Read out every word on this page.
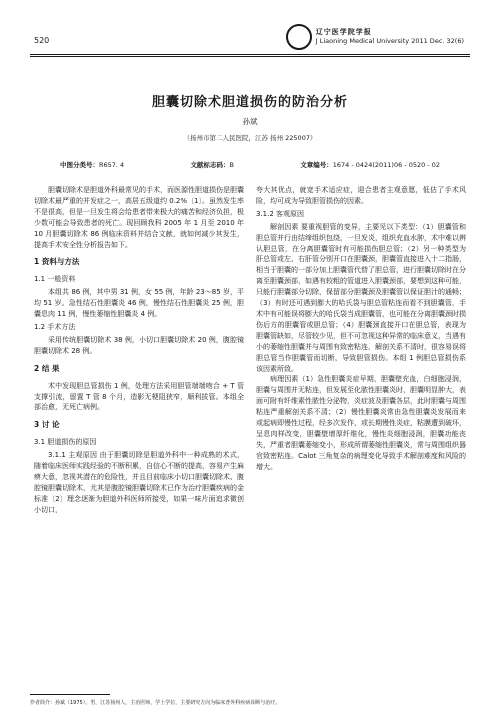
520
辽宁医学院学报
J Liaoning Medical University 2011 Dec. 32(6)
胆囊切除术胆道损伤的防治分析
孙斌
（扬州市第二人民医院，江苏 扬州 225007）
中图分类号：R657. 4	文献标志码：B	文章编号：1674 - 0424(2011)06 - 0520 - 02

胆囊切除术是胆道外科最常见的手术，而医源性胆道损伤是胆囊切除术最严重的并发症之一，高居五级道约 0.2%〔1〕。虽然发生率不是很高，但是一旦发生将会给患者带来极大的痛苦和经济负担，极少数可能会导致患者的死亡。现回顾我科 2005 年 1 月至 2010 年 10 月胆囊切除术 86 例临床资料并结合文献，就如何减少其发生，提高手术安全性分析报告如下。

1 资料与方法

1.1 一般资料

本组共 86 例，其中男 31 例，女 55 例，年龄 23～85 岁，平均 51 岁。急性结石性胆囊炎 46 例，慢性结石性胆囊炎 25 例，胆囊息肉 11 例，慢性萎缩性胆囊炎 4 例。

1.2 手术方法

采用传统胆囊切除术 38 例，小切口胆囊切除术 20 例，腹腔镜胆囊切除术 28 例。

2 结 果

术中发现胆总管损伤 1 例，处理方法采用胆管端端吻合 + T 管支撑引流，留置 T 管 8 个月，造影无梗阻狭窄，顺利拔管。本组全部治愈，无死亡病例。

3 讨 论

3.1 胆道损伤的原因

3.1.1 主观原因 由于胆囊切除是胆道外科中一种成熟的术式，随着临床医师实践经验的不断积累，自信心不断的提高，容易产生麻痹大意，忽视其潜在的危险性，并且目前临床小切口胆囊切除术、腹腔镜胆囊切除术，尤其是腹腔镜胆囊切除术已作为治疗胆囊疾病的金标准〔2〕理念逐渐为胆道外科医师所接受，如果一味片面追求微创小切口，

夸大其优点，就宽手术适应症，迎合患者主观意愿，低估了手术风险，均可成为导致胆管损伤的因素。

3.1.2 客观原因

解剖因素 要重视胆管的变异，主要见以下类型：（1）胆囊管和胆总管并行由结缔组织包绕，一旦发炎，组织充血水肿，术中难以辨认胆总管，在分离胆囊管时有可能损伤胆总管；（2）另一种类型为肝总管或左、右肝管分别开口在胆囊颈，胆囊管直接进入十二指肠，相当于胆囊的一部分加上胆囊管代替了胆总管，进行胆囊切除时在分离至胆囊颈部，如遇有较粗的管道进入胆囊颈部，要想到这种可能，只能行胆囊部分切除，保留部分胆囊颈及胆囊管以保证胆汁的通畅；（3）有时还可遇到膨大的哈氏袋与胆总管粘连而看不到胆囊管，手术中有可能误将膨大的哈氏袋当成胆囊管，也可能在分离胆囊颈时损伤后方的胆囊管或胆总管；（4）胆囊颈直接开口在胆总管，表现为胆囊管缺如，尽管较少见，但不可忽视这种异常的临床意义，当遇有小的萎缩性胆囊并与周围有致密粘连，解剖关系不清时，很容易误将胆总管当作胆囊管而切断，导致胆管损伤。本组 1 例胆总管损伤系该因素所致。

病理因素（1）急性胆囊炎症早期，胆囊壁充血，白细胞浸润，胆囊与周围并无粘连，但发展至化脓性胆囊炎时，胆囊明显肿大，表面可附有纤维素性脓性分泌物，炎症波及胆囊各层，此时胆囊与周围粘连严重解剖关系不清；（2）慢性胆囊炎常由急性胆囊炎发展而来或起病即慢性过程，经多次发作，或长期慢性炎症，粘膜遭到破坏，呈息肉样改变，胆囊壁增厚纤维化，慢性炎细胞浸润，胆囊功能丧失，严重者胆囊萎缩变小，形成所谓萎缩性胆囊炎，常与周围组织器官致密粘连。Calot 三角复杂的病理变化导致手术解剖难度和风险的增大。

作者简介：孙斌（1975），男，江苏扬州人，主治医师，学士学位，主要研究方向为临床普外科疾病诊断与治疗。
